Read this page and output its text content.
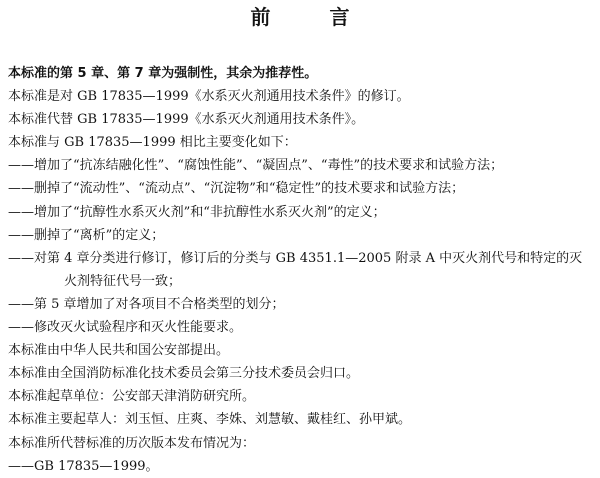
前 言
本标准的第 5 章、第 7 章为强制性，其余为推荐性。
本标准是对 GB 17835—1999《水系灭火剂通用技术条件》的修订。
本标准代替 GB 17835—1999《水系灭火剂通用技术条件》。
本标准与 GB 17835—1999 相比主要变化如下：
——增加了“抗冻结融化性”、“腐蚀性能”、“凝固点”、“毒性”的技术要求和试验方法；
——删掉了“流动性”、“流动点”、“沉淀物”和“稳定性”的技术要求和试验方法；
——增加了“抗醇性水系灭火剂”和“非抗醇性水系灭火剂”的定义；
——删掉了“离析”的定义；
——对第 4 章分类进行修订，修订后的分类与 GB 4351.1—2005 附录 A 中灭火剂代号和特定的灭
火剂特征代号一致；
——第 5 章增加了对各项目不合格类型的划分；
——修改灭火试验程序和灭火性能要求。
本标准由中华人民共和国公安部提出。
本标准由全国消防标准化技术委员会第三分技术委员会归口。
本标准起草单位：公安部天津消防研究所。
本标准主要起草人：刘玉恒、庄爽、李姝、刘慧敏、戴桂红、孙甲斌。
本标准所代替标准的历次版本发布情况为：
——GB 17835—1999。
